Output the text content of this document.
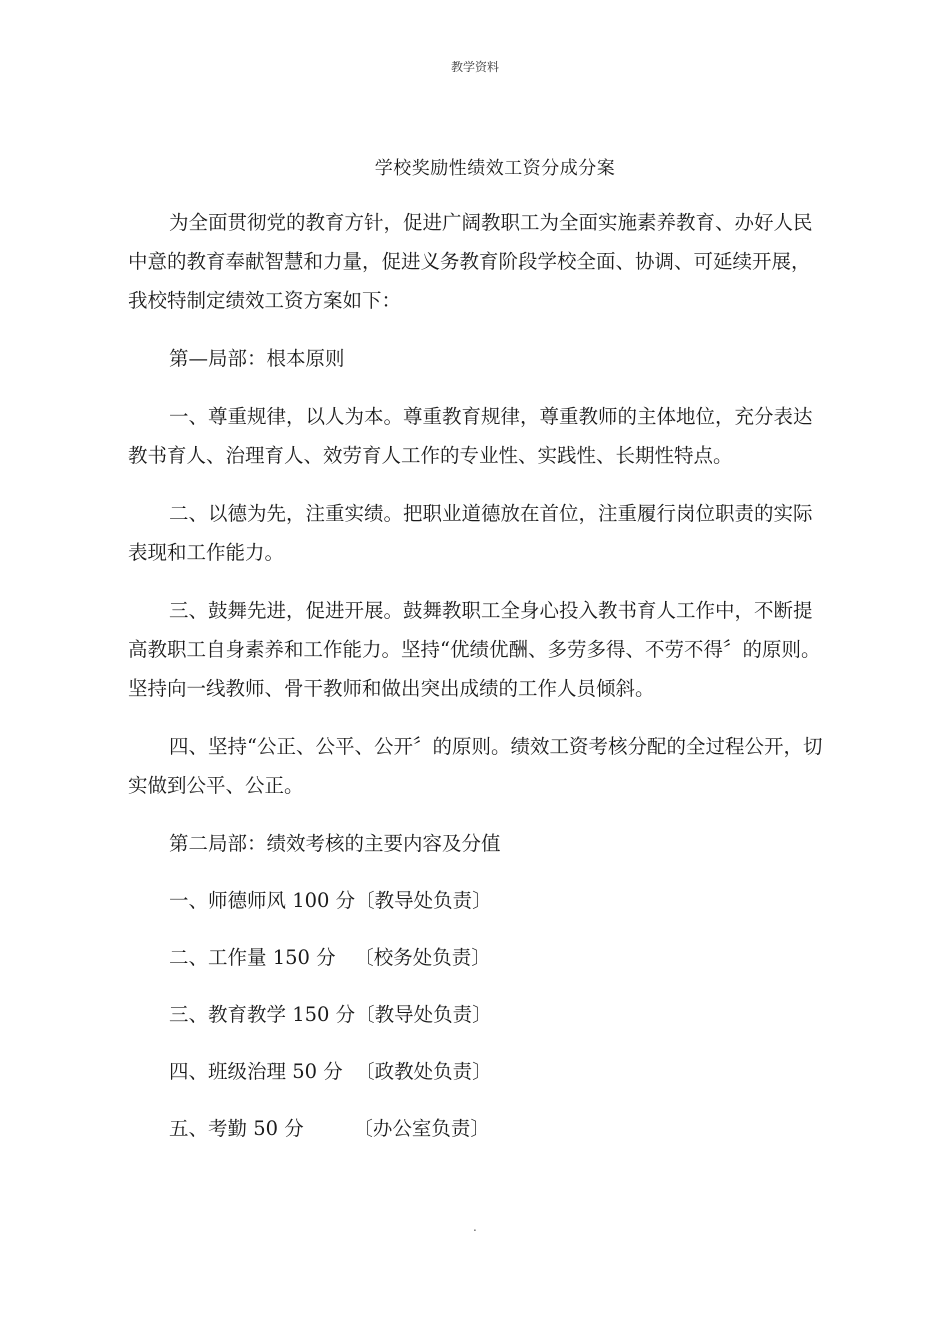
教学资料
学校奖励性绩效工资分成分案

为全面贯彻党的教育方针，促进广阔教职工为全面实施素养教育、办好人民中意的教育奉献智慧和力量，促进义务教育阶段学校全面、协调、可延续开展，我校特制定绩效工资方案如下：

第—局部：根本原则

一、尊重规律，以人为本。尊重教育规律，尊重教师的主体地位，充分表达教书育人、治理育人、效劳育人工作的专业性、实践性、长期性特点。

二、以德为先，注重实绩。把职业道德放在首位，注重履行岗位职责的实际表现和工作能力。

三、鼓舞先进，促进开展。鼓舞教职工全身心投入教书育人工作中，不断提高教职工自身素养和工作能力。坚持“优绩优酬、多劳多得、不劳不得〞的原则。坚持向一线教师、骨干教师和做出突出成绩的工作人员倾斜。

四、坚持“公正、公平、公开〞的原则。绩效工资考核分配的全过程公开，切实做到公平、公正。

第二局部：绩效考核的主要内容及分值

一、师德师风 100 分 〔教导处负责〕
二、工作量 150 分 〔校务处负责〕
三、教育教学 150 分 〔教导处负责〕
四、班级治理 50 分 〔政教处负责〕
五、考勤 50 分 〔办公室负责〕
.
